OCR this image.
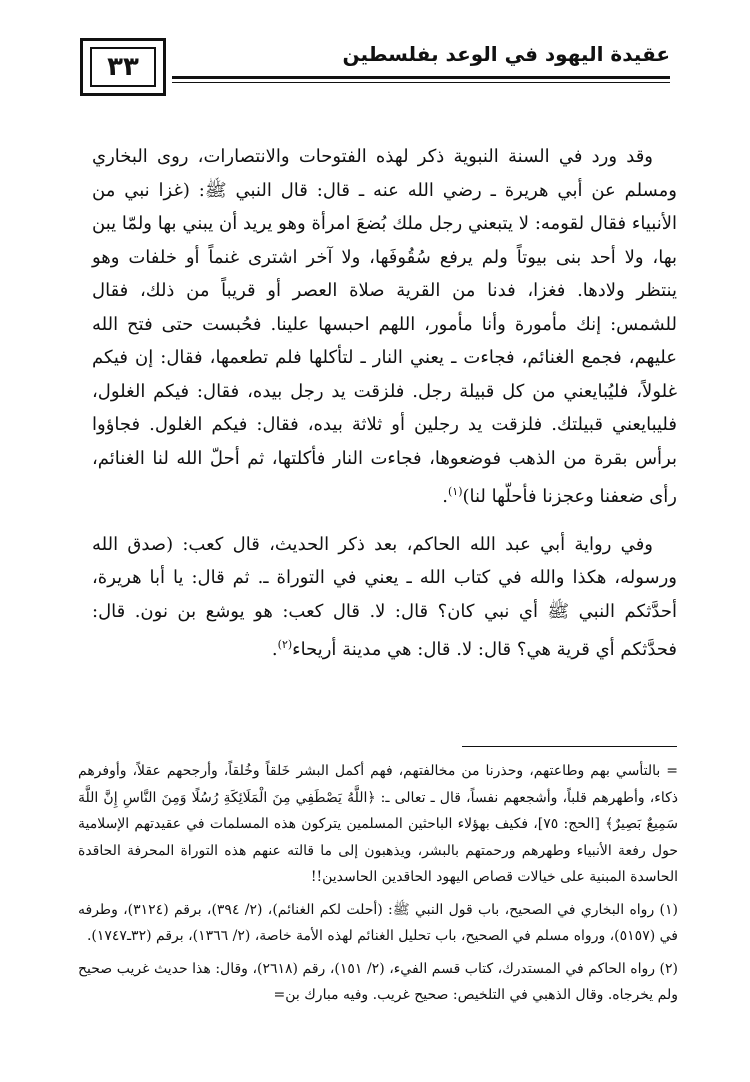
٣٣	عقيدة اليهود في الوعد بفلسطين

وقد ورد في السنة النبوية ذكر لهذه الفتوحات والانتصارات، روى البخاري ومسلم عن أبي هريرة ـ رضي الله عنه ـ قال: قال النبي ﷺ: (غزا نبي من الأنبياء فقال لقومه: لا يتبعني رجل ملك بُضعَ امرأة وهو يريد أن يبني بها ولمّا يبن بها، ولا أحد بنى بيوتاً ولم يرفع سُقُوفَها، ولا آخر اشترى غنماً أو خلفات وهو ينتظر ولادها. فغزا، فدنا من القرية صلاة العصر أو قريباً من ذلك، فقال للشمس: إنك مأمورة وأنا مأمور، اللهم احبسها علينا. فحُبست حتى فتح الله عليهم، فجمع الغنائم، فجاءت ـ يعني النار ـ لتأكلها فلم تطعمها، فقال: إن فيكم غلولاً، فليُبايعني من كل قبيلة رجل. فلزقت يد رجل بيده، فقال: فيكم الغلول، فليبايعني قبيلتك. فلزقت يد رجلين أو ثلاثة بيده، فقال: فيكم الغلول. فجاؤوا برأس بقرة من الذهب فوضعوها، فجاءت النار فأكلتها، ثم أحلّ الله لنا الغنائم، رأى ضعفنا وعجزنا فأحلّها لنا)$^{(١)}$.

وفي رواية أبي عبد الله الحاكم، بعد ذكر الحديث، قال كعب: (صدق الله ورسوله، هكذا والله في كتاب الله ـ يعني في التوراة ـ. ثم قال: يا أبا هريرة، أحدَّثكم النبي ﷺ أي نبي كان؟ قال: لا. قال كعب: هو يوشع بن نون. قال: فحدَّثكم أي قرية هي؟ قال: لا. قال: هي مدينة أريحاء$^{(٢)}$.

= بالتأسي بهم وطاعتهم، وحذرنا من مخالفتهم، فهم أكمل البشر خَلقاً وخُلقاً، وأرجحهم عقلاً، وأوفرهم ذكاء، وأطهرهم قلباً، وأشجعهم نفساً، قال ـ تعالى ـ: ﴿اللَّهُ يَصْطَفِي مِنَ الْمَلَائِكَةِ رُسُلًا وَمِنَ النَّاسِ إِنَّ اللَّهَ سَمِيعٌ بَصِيرٌ﴾ [الحج: ٧٥]، فكيف بهؤلاء الباحثين المسلمين يتركون هذه المسلمات في عقيدتهم الإسلامية حول رفعة الأنبياء وطهرهم ورحمتهم بالبشر، ويذهبون إلى ما قالته عنهم هذه التوراة المحرفة الحاقدة الحاسدة المبنية على خيالات قصاص اليهود الحاقدين الحاسدين!!

(١) رواه البخاري في الصحيح، باب قول النبي ﷺ: (أحلت لكم الغنائم)، (٢/ ٣٩٤)، برقم (٣١٢٤)، وطرفه في (٥١٥٧)، ورواه مسلم في الصحيح، باب تحليل الغنائم لهذه الأمة خاصة، (٢/ ١٣٦٦)، برقم (٣٢ـ١٧٤٧).

(٢) رواه الحاكم في المستدرك، كتاب قسم الفيء، (٢/ ١٥١)، رقم (٢٦١٨)، وقال: هذا حديث غريب صحيح ولم يخرجاه. وقال الذهبي في التلخيص: صحيح غريب. وفيه مبارك بن=
